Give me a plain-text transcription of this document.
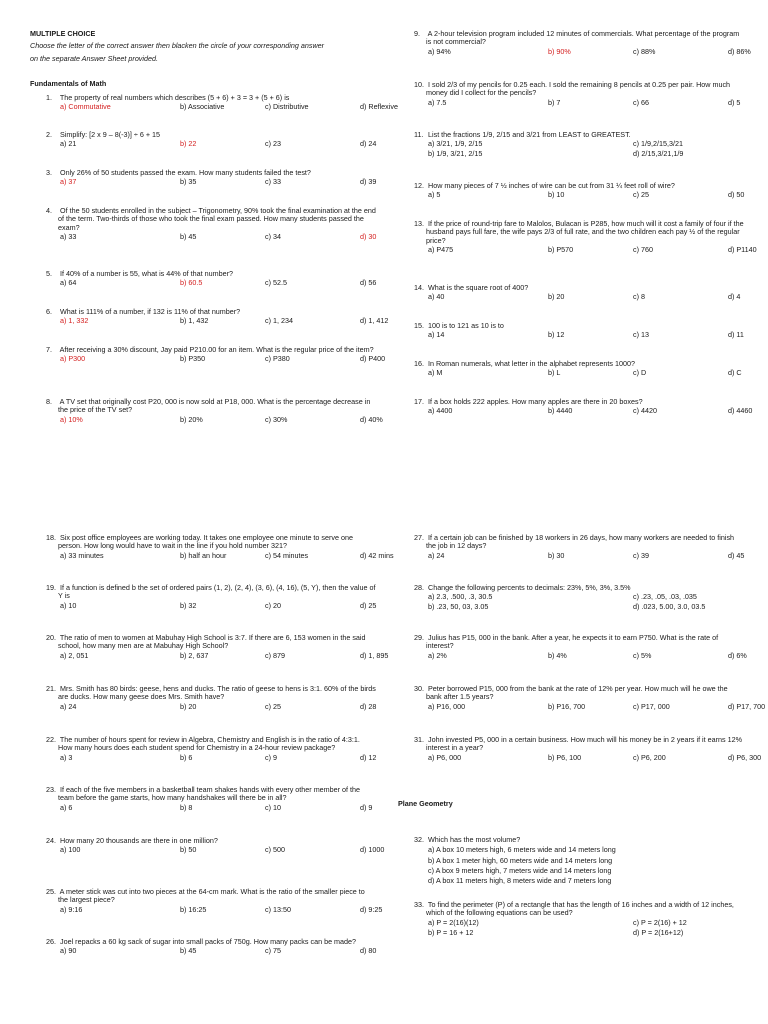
MULTIPLE CHOICE
Choose the letter of the correct answer then blacken the circle of your corresponding answer
on the separate Answer Sheet provided.
Fundamentals of Math
Plane Geometry

1. The property of real numbers which describes (5 + 6) + 3 = 3 + (5 + 6) is

a) Commutative	b) Associative	c) Distributive	d) Reflexive

2. Simplify: [2 x 9 – 8(-3)] ÷ 6 + 15

a) 21	b) 22	c) 23	d) 24

3. Only 26% of 50 students passed the exam. How many students failed the test?

a) 37	b) 35	c) 33	d) 39

4. Of the 50 students enrolled in the subject – Trigonometry, 90% took the final examination at the end of the term. Two-thirds of those who took the final exam passed. How many students passed the exam?

a) 33	b) 45	c) 34	d) 30

5. If 40% of a number is 55, what is 44% of that number?

a) 64	b) 60.5	c) 52.5	d) 56

6. What is 111% of a number, if 132 is 11% of that number?

a) 1, 332	b) 1, 432	c) 1, 234	d) 1, 412

7. After receiving a 30% discount, Jay paid P210.00 for an item. What is the regular price of the item?

a) P300	b) P350	c) P380	d) P400

8. A TV set that originally cost P20, 000 is now sold at P18, 000. What is the percentage decrease in the price of the TV set?

a) 10%	b) 20%	c) 30%	d) 40%

9. A 2-hour television program included 12 minutes of commercials. What percentage of the program is not commercial?

a) 94%	b) 90%	c) 88%	d) 86%

10. I sold 2/3 of my pencils for 0.25 each. I sold the remaining 8 pencils at 0.25 per pair. How much money did I collect for the pencils?

a) 7.5	b) 7	c) 66	d) 5

11. List the fractions 1/9, 2/15 and 3/21 from LEAST to GREATEST.

a) 3/21, 1/9, 2/15	c) 1/9,2/15,3/21
b) 1/9, 3/21, 2/15	d) 2/15,3/21,1/9

12. How many pieces of 7 ½ inches of wire can be cut from 31 ¼ feet roll of wire?

a) 5	b) 10	c) 25	d) 50

13. If the price of round-trip fare to Malolos, Bulacan is P285, how much will it cost a family of four if the husband pays full fare, the wife pays 2/3 of full rate, and the two children each pay ½ of the regular price?

a) P475	b) P570	c) 760	d) P1140

14. What is the square root of 400?

a) 40	b) 20	c) 8	d) 4

15. 100 is to 121 as 10 is to

a) 14	b) 12	c) 13	d) 11

16. In Roman numerals, what letter in the alphabet represents 1000?

a) M	b) L	c) D	d) C

17. If a box holds 222 apples. How many apples are there in 20 boxes?

a) 4400	b) 4440	c) 4420	d) 4460

18. Six post office employees are working today. It takes one employee one minute to serve one person. How long would have to wait in the line if you hold number 321?

a) 33 minutes	b) half an hour	c) 54 minutes	d) 42 mins

19. If a function is defined b the set of ordered pairs (1, 2), (2, 4), (3, 6), (4, 16), (5, Y), then the value of Y is

a) 10	b) 32	c) 20	d) 25

20. The ratio of men to women at Mabuhay High School is 3:7. If there are 6, 153 women in the said school, how many men are at Mabuhay High School?

a) 2, 051	b) 2, 637	c) 879	d) 1, 895

21. Mrs. Smith has 80 birds: geese, hens and ducks. The ratio of geese to hens is 3:1. 60% of the birds are ducks. How many geese does Mrs. Smith have?

a) 24	b) 20	c) 25	d) 28

22. The number of hours spent for review in Algebra, Chemistry and English is in the ratio of 4:3:1. How many hours does each student spend for Chemistry in a 24-hour review package?

a) 3	b) 6	c) 9	d) 12

23. If each of the five members in a basketball team shakes hands with every other member of the team before the game starts, how many handshakes will there be in all?

a) 6	b) 8	c) 10	d) 9

24. How many 20 thousands are there in one million?

a) 100	b) 50	c) 500	d) 1000

25. A meter stick was cut into two pieces at the 64-cm mark. What is the ratio of the smaller piece to the largest piece?

a) 9:16	b) 16:25	c) 13:50	d) 9:25

26. Joel repacks a 60 kg sack of sugar into small packs of 750g. How many packs can be made?

a) 90	b) 45	c) 75	d) 80

27. If a certain job can be finished by 18 workers in 26 days, how many workers are needed to finish the job in 12 days?

a) 24	b) 30	c) 39	d) 45

28. Change the following percents to decimals: 23%, 5%, 3%, 3.5%

a) 2.3, .500, .3, 30.5	c) .23, .05, .03, .035
b) .23, 50, 03, 3.05	d) .023, 5.00, 3.0, 03.5

29. Julius has P15, 000 in the bank. After a year, he expects it to earn P750. What is the rate of interest?

a) 2%	b) 4%	c) 5%	d) 6%

30. Peter borrowed P15, 000 from the bank at the rate of 12% per year. How much will he owe the bank after 1.5 years?

a) P16, 000	b) P16, 700	c) P17, 000	d) P17, 700

31. John invested P5, 000 in a certain business. How much will his money be in 2 years if it earns 12% interest in a year?

a) P6, 000	b) P6, 100	c) P6, 200	d) P6, 300

32. Which has the most volume?

a) A box 10 meters high, 6 meters wide and 14 meters long
b) A box 1 meter high, 60 meters wide and 14 meters long
c) A box 9 meters high, 7 meters wide and 14 meters long
d) A box 11 meters high, 8 meters wide and 7 meters long

33. To find the perimeter (P) of a rectangle that has the length of 16 inches and a width of 12 inches, which of the following equations can be used?

a) P = 2(16)(12)	c) P = 2(16) + 12
b) P = 16 + 12	d) P = 2(16+12)
